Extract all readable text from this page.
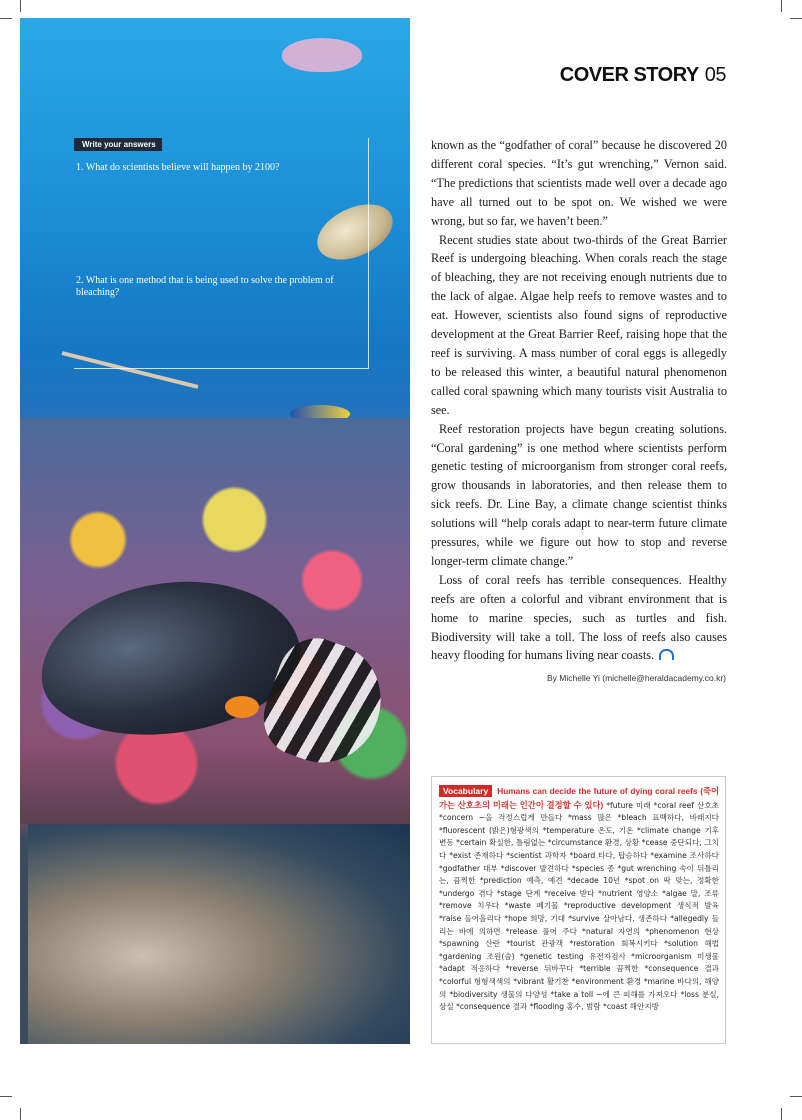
Write your answers
1. What do scientists believe will happen by 2100?
2. What is one method that is being used to solve the problem of bleaching?
COVER STORY 05

known as the “godfather of coral” because he discovered 20 different coral species. “It’s gut wrenching,” Vernon said. “The predictions that scientists made well over a decade ago have all turned out to be spot on. We wished we were wrong, but so far, we haven’t been.”

Recent studies state about two-thirds of the Great Barrier Reef is undergoing bleaching. When corals reach the stage of bleaching, they are not receiving enough nutrients due to the lack of algae. Algae help reefs to remove wastes and to eat. However, scientists also found signs of reproductive development at the Great Barrier Reef, raising hope that the reef is surviving. A mass number of coral eggs is allegedly to be released this winter, a beautiful natural phenomenon called coral spawning which many tourists visit Australia to see.

Reef restoration projects have begun creating solutions. “Coral gardening” is one method where scientists perform genetic testing of microorganism from stronger coral reefs, grow thousands in laboratories, and then release them to sick reefs. Dr. Line Bay, a climate change scientist thinks solutions will “help corals adapt to near-term future climate pressures, while we figure out how to stop and reverse longer-term climate change.”

Loss of coral reefs has terrible consequences. Healthy reefs are often a colorful and vibrant environment that is home to marine species, such as turtles and fish. Biodiversity will take a toll. The loss of reefs also causes heavy flooding for humans living near coasts.

By Michelle Yi (michelle@heraldacademy.co.kr)
Vocabulary Humans can decide the future of dying coral reefs (죽어가는 산호초의 미래는 인간이 결정할 수 있다) *future 미래 *coral reef 산호초 *concern ~을 걱정스럽게 만들다 *mass 많은 *bleach 표백하다, 바래지다 *fluorescent (밝은)형광색의 *temperature 온도, 기온 *climate change 기후 변동 *certain 확실한, 틀림없는 *circumstance 환경, 상황 *cease 중단되다, 그치다 *exist 존재하다 *scientist 과학자 *board 타다, 탑승하다 *examine 조사하다 *godfather 대부 *discover 발견하다 *species 종 *gut wrenching 속이 뒤틀리는, 끔찍한 *prediction 예측, 예견 *decade 10년 *spot on 딱 맞는, 정확한 *undergo 겪다 *stage 단계 *receive 받다 *nutrient 영양소 *algae 말, 조류 *remove 치우다 *waste 폐기물 *reproductive development 생식적 발육 *raise 들어올리다 *hope 희망, 기대 *survive 살아남다, 생존하다 *allegedly 들리는 바에 의하면 *release 풀어 주다 *natural 자연의 *phenomenon 현상 *spawning 산란 *tourist 관광객 *restoration 회복시키다 *solution 해법 *gardening 조원(술) *genetic testing 유전자검사 *microorganism 미생물 *adapt 적응하다 *reverse 뒤바꾸다 *terrible 끔찍한 *consequence 결과 *colorful 형형색색의 *vibrant 활기찬 *environment 환경 *marine 바다의, 해양의 *biodiversity 생물의 다양성 *take a toll ~에 큰 피해를 가져오다 *loss 분실, 상실 *consequence 결과 *flooding 홍수, 범람 *coast 해안지방
